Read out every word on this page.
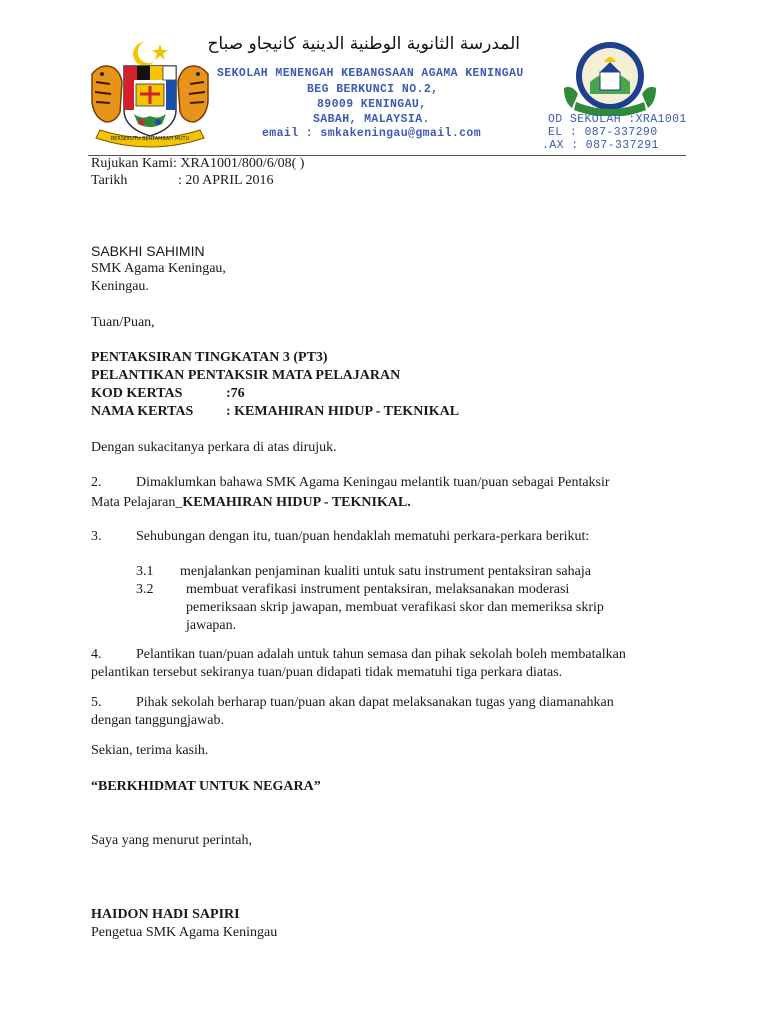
BERSEKUTU BERTAMBAH MUTU
المدرسة الثانوية الوطنية الدينية كانيجاو صباح
SEKOLAH MENENGAH KEBANGSAAN AGAMA KENINGAU
BEG BERKUNCI NO.2,
89009 KENINGAU,
SABAH, MALAYSIA.
email : smkakeningau@gmail.com
OD SEKOLAH :XRA1001
EL : 087-337290
.AX : 087-337291
Rujukan Kami : XRA1001/800/6/08( )
Tarikh	: 20 APRIL 2016
SABKHI SAHIMIN
SMK Agama Keningau,
Keningau.
Tuan/Puan,
PENTAKSIRAN TINGKATAN 3 (PT3)
PELANTIKAN PENTAKSIR MATA PELAJARAN
KOD KERTAS	:76
NAMA KERTAS : KEMAHIRAN HIDUP - TEKNIKAL
Dengan sukacitanya perkara di atas dirujuk.
2. Dimaklumkan bahawa SMK Agama Keningau melantik tuan/puan sebagai Pentaksir
Mata Pelajaran_KEMAHIRAN HIDUP - TEKNIKAL.
3. Sehubungan dengan itu, tuan/puan hendaklah mematuhi perkara-perkara berikut:
3.1 menjalankan penjaminan kualiti untuk satu instrument pentaksiran sahaja
3.2 membuat verafikasi instrument pentaksiran, melaksanakan moderasi
pemeriksaan skrip jawapan, membuat verafikasi skor dan memeriksa skrip
jawapan.
4. Pelantikan tuan/puan adalah untuk tahun semasa dan pihak sekolah boleh membatalkan
pelantikan tersebut sekiranya tuan/puan didapati tidak mematuhi tiga perkara diatas.
5. Pihak sekolah berharap tuan/puan akan dapat melaksanakan tugas yang diamanahkan
dengan tanggungjawab.
Sekian, terima kasih.
“BERKHIDMAT UNTUK NEGARA”
Saya yang menurut perintah,
HAIDON HADI SAPIRI
Pengetua SMK Agama Keningau
